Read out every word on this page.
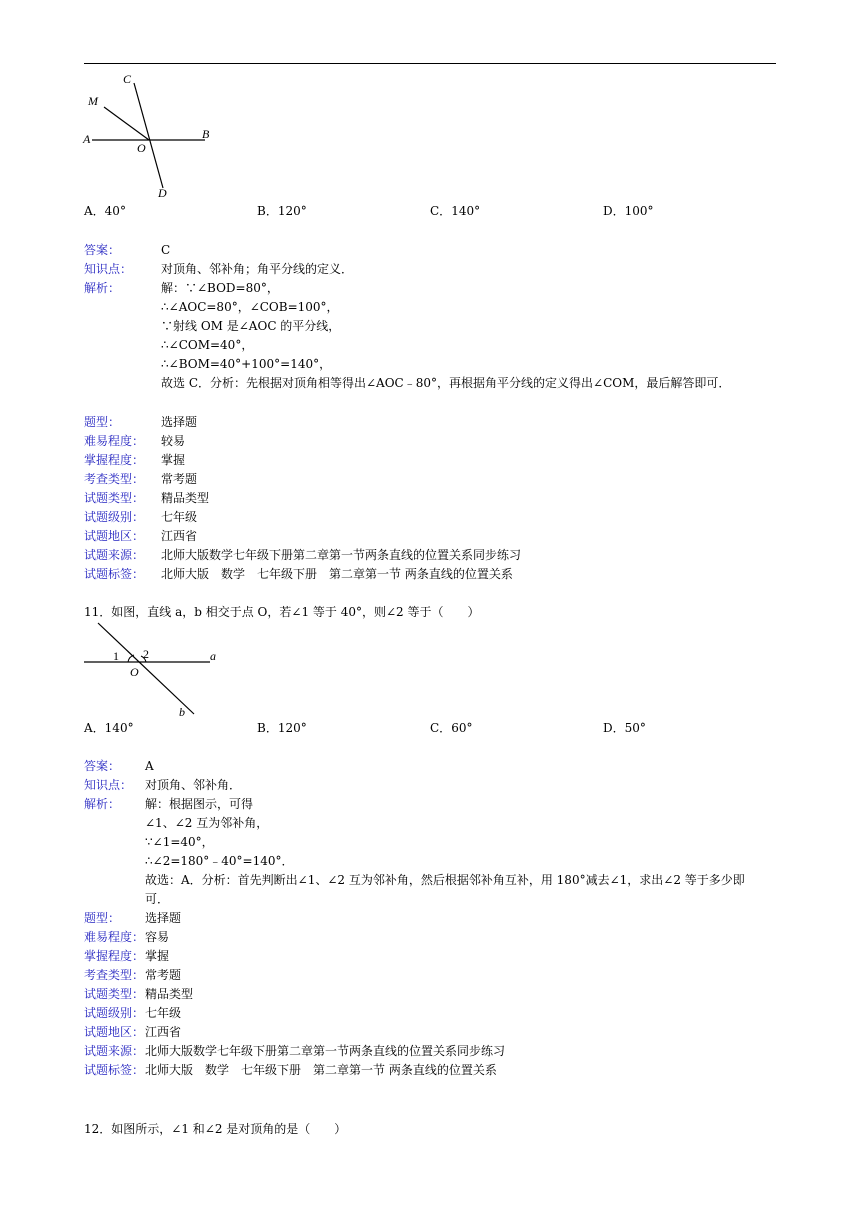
C
M
A	B
O
D
A．40°	B．120°	C．140°	D．100°
答案：	C
知识点： 对顶角、邻补角；角平分线的定义．
解析：	解：∵∠BOD=80°，
∴∠AOC=80°，∠COB=100°，
∵射线 OM 是∠AOC 的平分线，
∴∠COM=40°，
∴∠BOM=40°+100°=140°，
故选 C．分析：先根据对顶角相等得出∠AOC﹣80°，再根据角平分线的定义得出∠COM，最后解答即可．
题型：	选择题
难易程度： 较易
掌握程度： 掌握
考查类型： 常考题
试题类型： 精品类型
试题级别： 七年级
试题地区： 江西省
试题来源： 北师大版数学七年级下册第二章第一节两条直线的位置关系同步练习
试题标签： 北师大版　数学　七年级下册　第二章第一节 两条直线的位置关系
11．如图，直线 a，b 相交于点 O，若∠1 等于 40°，则∠2 等于（　　）
1 2
O
a
b
A．140°	B．120°	C．60°	D．50°
答案： A
知识点： 对顶角、邻补角．
解析： 解：根据图示，可得
∠1、∠2 互为邻补角，
∵∠1=40°，
∴∠2=180°﹣40°=140°．
故选：A．分析：首先判断出∠1、∠2 互为邻补角，然后根据邻补角互补，用 180°减去∠1，求出∠2 等于多少即
可．
题型： 选择题
难易程度： 容易
掌握程度： 掌握
考查类型： 常考题
试题类型： 精品类型
试题级别： 七年级
试题地区： 江西省
试题来源： 北师大版数学七年级下册第二章第一节两条直线的位置关系同步练习
试题标签： 北师大版　数学　七年级下册　第二章第一节 两条直线的位置关系
12．如图所示，∠1 和∠2 是对顶角的是（　　）
